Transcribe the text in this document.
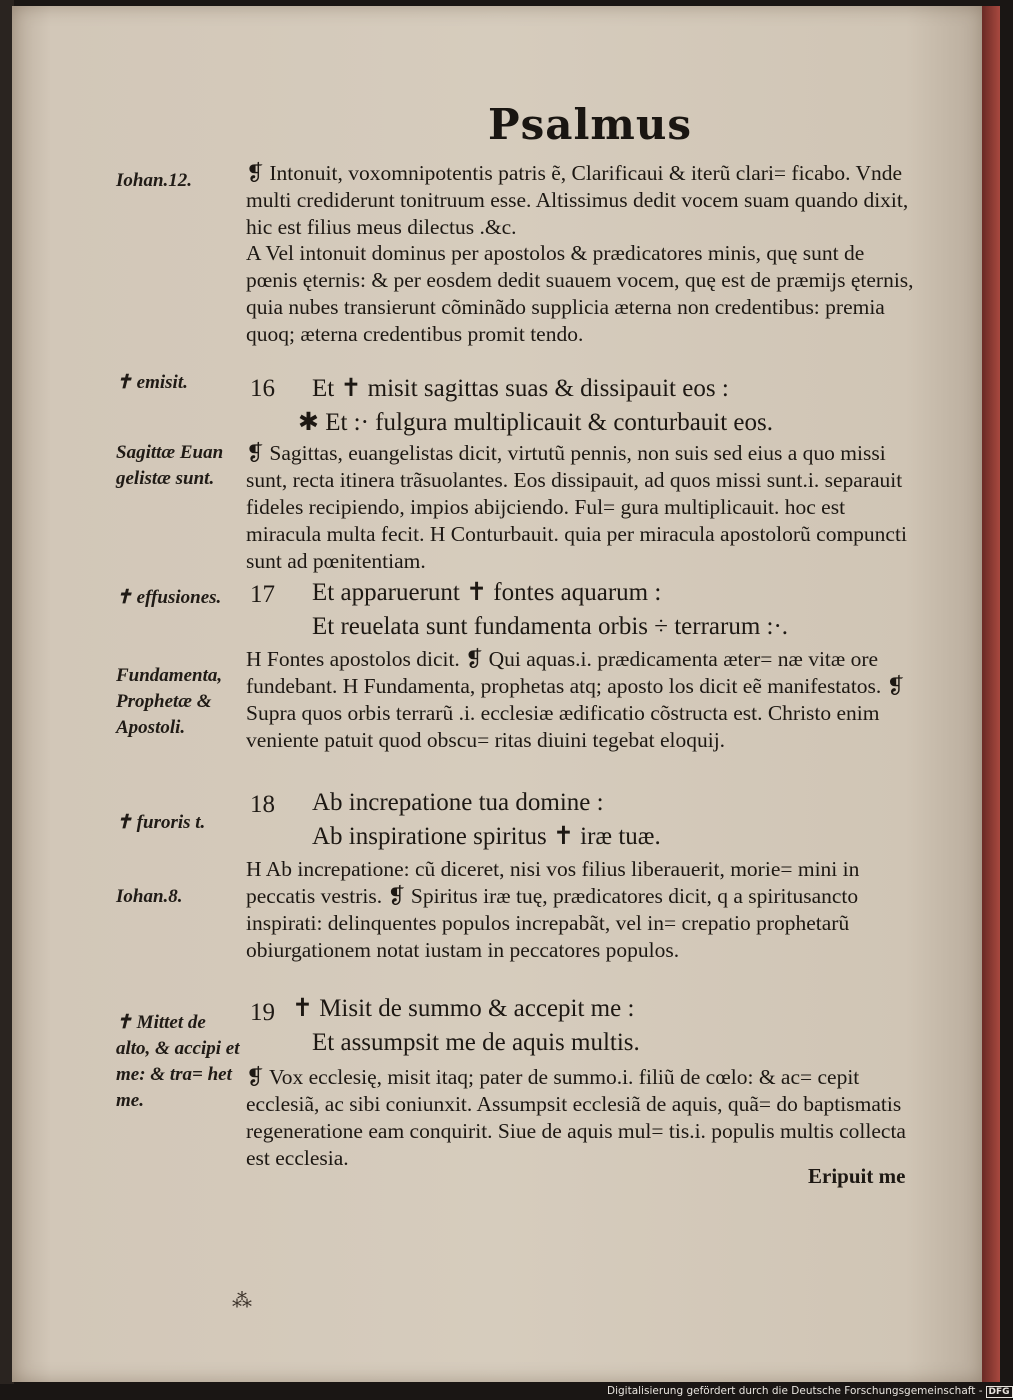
Psalmus
Iohan.12.
✝ emisit.
Sagittæ Euan gelistæ sunt.
✝ effusiones.
Fundamenta, Prophetæ & Apostoli.
✝ furoris t.
Iohan.8.
✝ Mittet de alto, & accipi et me: & tra= het me.
❡ Intonuit, voxomnipotentis patris ẽ, Clarificaui & iterũ clari= ficabo. Vnde multi crediderunt tonitruum esse. Altissimus dedit vocem suam quando dixit, hic est filius meus dilectus .&c.
A Vel intonuit dominus per apostolos & prædicatores minis, quę sunt de pœnis ęternis: & per eosdem dedit suauem vocem, quę est de præmijs ęternis, quia nubes transierunt cõminãdo supplicia æterna non credentibus: premia quoq; æterna credentibus promit tendo.
16 Et ✝ misit sagittas suas & dissipauit eos :
✱ Et :· fulgura multiplicauit & conturbauit eos.
❡ Sagittas, euangelistas dicit, virtutũ pennis, non suis sed eius a quo missi sunt, recta itinera trãsuolantes. Eos dissipauit, ad quos missi sunt.i. separauit fideles recipiendo, impios abijciendo. Ful= gura multiplicauit. hoc est miracula multa fecit. H Conturbauit. quia per miracula apostolorũ compuncti sunt ad pœnitentiam.
17 Et apparuerunt ✝ fontes aquarum :
Et reuelata sunt fundamenta orbis ÷ terrarum :·.
H Fontes apostolos dicit. ❡ Qui aquas.i. prædicamenta æter= næ vitæ ore fundebant. H Fundamenta, prophetas atq; aposto los dicit eẽ manifestatos. ❡ Supra quos orbis terrarũ .i. ecclesiæ ædificatio cõstructa est. Christo enim veniente patuit quod obscu= ritas diuini tegebat eloquij.
18 Ab increpatione tua domine :
Ab inspiratione spiritus ✝ iræ tuæ.
H Ab increpatione: cũ diceret, nisi vos filius liberauerit, morie= mini in peccatis vestris. ❡ Spiritus iræ tuę, prædicatores dicit, q a spiritusancto inspirati: delinquentes populos increpabãt, vel in= crepatio prophetarũ obiurgationem notat iustam in peccatores populos.
19 ✝ Misit de summo & accepit me :
Et assumpsit me de aquis multis.
❡ Vox ecclesię, misit itaq; pater de summo.i. filiũ de cœlo: & ac= cepit ecclesiã, ac sibi coniunxit. Assumpsit ecclesiã de aquis, quã= do baptismatis regeneratione eam conquirit. Siue de aquis mul= tis.i. populis multis collecta est ecclesia.
Eripuit me
⁂
Digitalisierung gefördert durch die Deutsche Forschungsgemeinschaft - DFG
